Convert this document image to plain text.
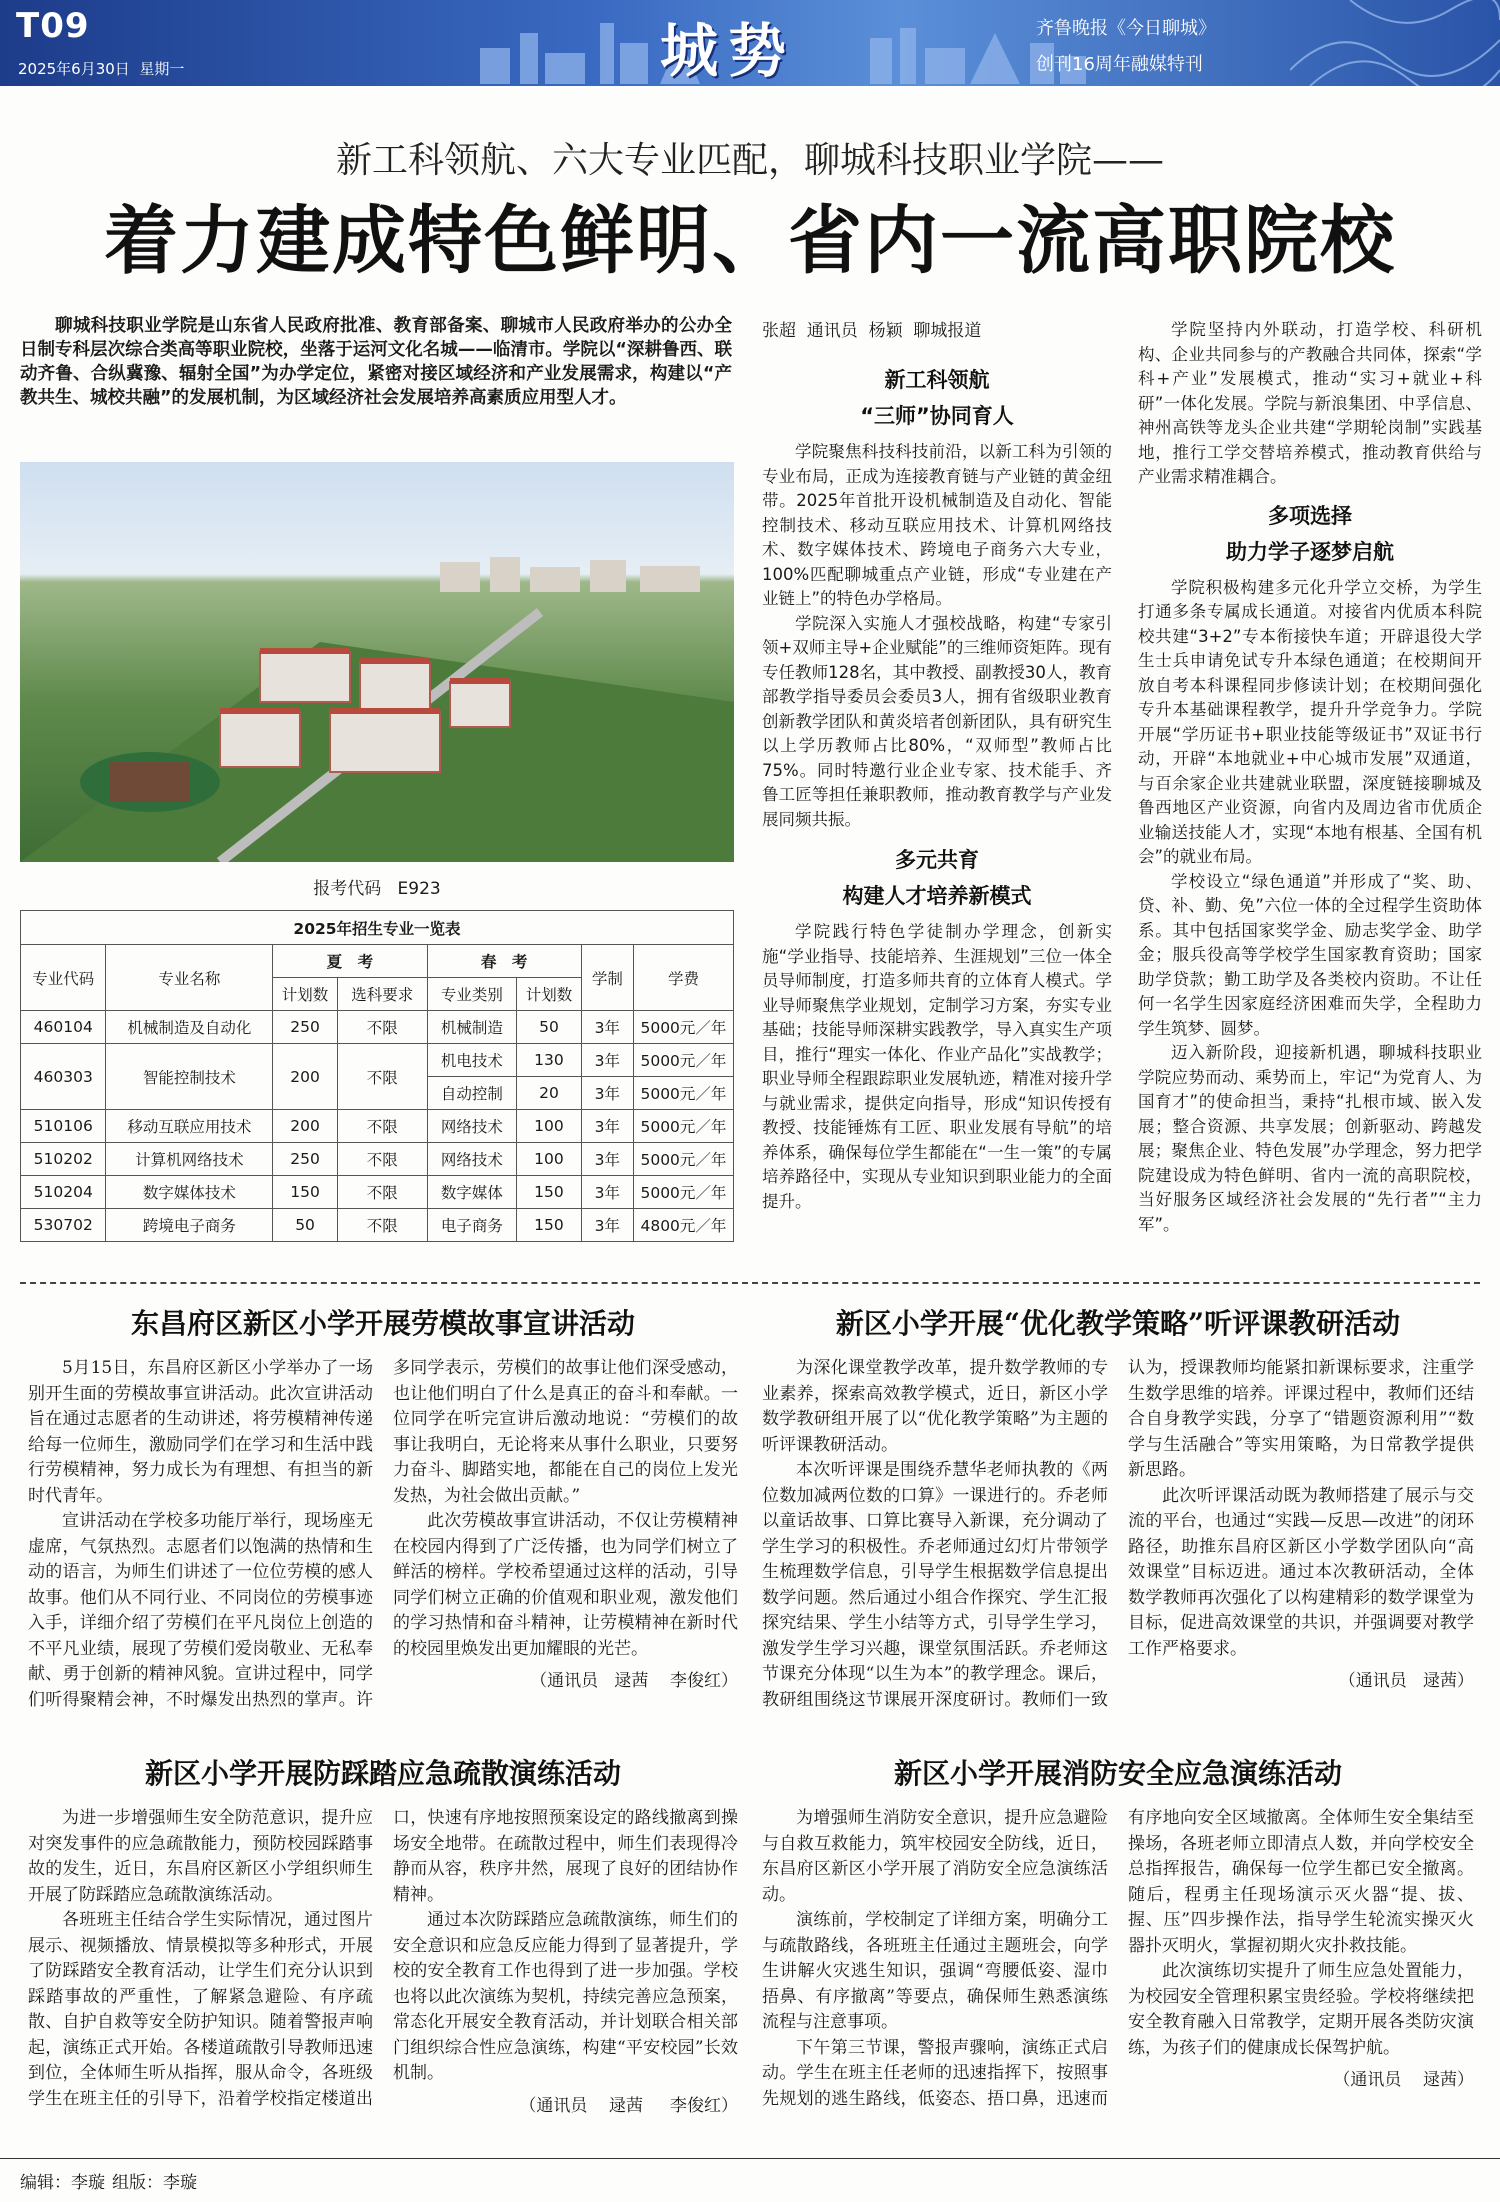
T09
2025年6月30日  星期一	城势	齐鲁晚报《今日聊城》
创刊16周年融媒特刊
新工科领航、六大专业匹配，聊城科技职业学院——
着力建成特色鲜明、省内一流高职院校
聊城科技职业学院是山东省人民政府批准、教育部备案、聊城市人民政府举办的公办全日制专科层次综合类高等职业院校，坐落于运河文化名城——临清市。学院以“深耕鲁西、联动齐鲁、合纵冀豫、辐射全国”为办学定位，紧密对接区域经济和产业发展需求，构建以“产教共生、城校共融”的发展机制，为区域经济社会发展培养高素质应用型人才。
报考代码   E923
2025年招生专业一览表							
专业代码	专业名称	夏　考		春　考		学制	学费
		计划数	选科要求	专业类别	计划数		
460104	机械制造及自动化	250	不限	机械制造	50	3年	5000元／年
460303	智能控制技术	200	不限	机电技术	130	3年	5000元／年
				自动控制	20	3年	5000元／年
510106	移动互联应用技术	200	不限	网络技术	100	3年	5000元／年
510202	计算机网络技术	250	不限	网络技术	100	3年	5000元／年
510204	数字媒体技术	150	不限	数字媒体	150	3年	5000元／年
530702	跨境电子商务	50	不限	电子商务	150	3年	4800元／年
张超  通讯员  杨颖  聊城报道
新工科领航
“三师”协同育人
学院聚焦科技科技前沿，以新工科为引领的专业布局，正成为连接教育链与产业链的黄金纽带。2025年首批开设机械制造及自动化、智能控制技术、移动互联应用技术、计算机网络技术、数字媒体技术、跨境电子商务六大专业，100%匹配聊城重点产业链，形成“专业建在产业链上”的特色办学格局。
学院深入实施人才强校战略，构建“专家引领+双师主导+企业赋能”的三维师资矩阵。现有专任教师128名，其中教授、副教授30人，教育部教学指导委员会委员3人，拥有省级职业教育创新教学团队和黄炎培者创新团队，具有研究生以上学历教师占比80%，“双师型”教师占比75%。同时特邀行业企业专家、技术能手、齐鲁工匠等担任兼职教师，推动教育教学与产业发展同频共振。
多元共育
构建人才培养新模式
学院践行特色学徒制办学理念，创新实施“学业指导、技能培养、生涯规划”三位一体全员导师制度，打造多师共育的立体育人模式。学业导师聚焦学业规划，定制学习方案，夯实专业基础；技能导师深耕实践教学，导入真实生产项目，推行“理实一体化、作业产品化”实战教学；职业导师全程跟踪职业发展轨迹，精准对接升学与就业需求，提供定向指导，形成“知识传授有教授、技能锤炼有工匠、职业发展有导航”的培养体系，确保每位学生都能在“一生一策”的专属培养路径中，实现从专业知识到职业能力的全面提升。
学院坚持内外联动，打造学校、科研机构、企业共同参与的产教融合共同体，探索“学科+产业”发展模式，推动“实习+就业+科研”一体化发展。学院与新浪集团、中孚信息、神州高铁等龙头企业共建“学期轮岗制”实践基地，推行工学交替培养模式，推动教育供给与产业需求精准耦合。
多项选择
助力学子逐梦启航
学院积极构建多元化升学立交桥，为学生打通多条专属成长通道。对接省内优质本科院校共建“3+2”专本衔接快车道；开辟退役大学生士兵申请免试专升本绿色通道；在校期间开放自考本科课程同步修读计划；在校期间强化专升本基础课程教学，提升升学竞争力。学院开展“学历证书+职业技能等级证书”双证书行动，开辟“本地就业+中心城市发展”双通道，与百余家企业共建就业联盟，深度链接聊城及鲁西地区产业资源，向省内及周边省市优质企业输送技能人才，实现“本地有根基、全国有机会”的就业布局。
学校设立“绿色通道”并形成了“奖、助、贷、补、勤、免”六位一体的全过程学生资助体系。其中包括国家奖学金、励志奖学金、助学金；服兵役高等学校学生国家教育资助；国家助学贷款；勤工助学及各类校内资助。不让任何一名学生因家庭经济困难而失学，全程助力学生筑梦、圆梦。
迈入新阶段，迎接新机遇，聊城科技职业学院应势而动、乘势而上，牢记“为党育人、为国育才”的使命担当，秉持“扎根市域、嵌入发展；整合资源、共享发展；创新驱动、跨越发展；聚焦企业、特色发展”办学理念，努力把学院建设成为特色鲜明、省内一流的高职院校，当好服务区域经济社会发展的“先行者”“主力军”。
东昌府区新区小学开展劳模故事宣讲活动
5月15日，东昌府区新区小学举办了一场别开生面的劳模故事宣讲活动。此次宣讲活动旨在通过志愿者的生动讲述，将劳模精神传递给每一位师生，激励同学们在学习和生活中践行劳模精神，努力成长为有理想、有担当的新时代青年。
宣讲活动在学校多功能厅举行，现场座无虚席，气氛热烈。志愿者们以饱满的热情和生动的语言，为师生们讲述了一位位劳模的感人故事。他们从不同行业、不同岗位的劳模事迹入手，详细介绍了劳模们在平凡岗位上创造的不平凡业绩，展现了劳模们爱岗敬业、无私奉献、勇于创新的精神风貌。宣讲过程中，同学们听得聚精会神，不时爆发出热烈的掌声。许多同学表示，劳模们的故事让他们深受感动，也让他们明白了什么是真正的奋斗和奉献。一位同学在听完宣讲后激动地说：“劳模们的故事让我明白，无论将来从事什么职业，只要努力奋斗、脚踏实地，都能在自己的岗位上发光发热，为社会做出贡献。”
此次劳模故事宣讲活动，不仅让劳模精神在校园内得到了广泛传播，也为同学们树立了鲜活的榜样。学校希望通过这样的活动，引导同学们树立正确的价值观和职业观，激发他们的学习热情和奋斗精神，让劳模精神在新时代的校园里焕发出更加耀眼的光芒。
（通讯员   逯茜    李俊红）
新区小学开展“优化教学策略”听评课教研活动
为深化课堂教学改革，提升数学教师的专业素养，探索高效教学模式，近日，新区小学数学教研组开展了以“优化教学策略”为主题的听评课教研活动。
本次听评课是围绕乔慧华老师执教的《两位数加减两位数的口算》一课进行的。乔老师以童话故事、口算比赛导入新课，充分调动了学生学习的积极性。乔老师通过幻灯片带领学生梳理数学信息，引导学生根据数学信息提出数学问题。然后通过小组合作探究、学生汇报探究结果、学生小结等方式，引导学生学习，激发学生学习兴趣，课堂氛围活跃。乔老师这节课充分体现“以生为本”的教学理念。课后，教研组围绕这节课展开深度研讨。教师们一致认为，授课教师均能紧扣新课标要求，注重学生数学思维的培养。评课过程中，教师们还结合自身教学实践，分享了“错题资源利用”“数学与生活融合”等实用策略，为日常教学提供新思路。
此次听评课活动既为教师搭建了展示与交流的平台，也通过“实践—反思—改进”的闭环路径，助推东昌府区新区小学数学团队向“高效课堂”目标迈进。通过本次教研活动，全体数学教师再次强化了以构建精彩的数学课堂为目标，促进高效课堂的共识，并强调要对教学工作严格要求。
（通讯员   逯茜）
新区小学开展防踩踏应急疏散演练活动
为进一步增强师生安全防范意识，提升应对突发事件的应急疏散能力，预防校园踩踏事故的发生，近日，东昌府区新区小学组织师生开展了防踩踏应急疏散演练活动。
各班班主任结合学生实际情况，通过图片展示、视频播放、情景模拟等多种形式，开展了防踩踏安全教育活动，让学生们充分认识到踩踏事故的严重性，了解紧急避险、有序疏散、自护自救等安全防护知识。随着警报声响起，演练正式开始。各楼道疏散引导教师迅速到位，全体师生听从指挥，服从命令，各班级学生在班主任的引导下，沿着学校指定楼道出口，快速有序地按照预案设定的路线撤离到操场安全地带。在疏散过程中，师生们表现得冷静而从容，秩序井然，展现了良好的团结协作精神。
通过本次防踩踏应急疏散演练，师生们的安全意识和应急反应能力得到了显著提升，学校的安全教育工作也得到了进一步加强。学校也将以此次演练为契机，持续完善应急预案，常态化开展安全教育活动，并计划联合相关部门组织综合性应急演练，构建“平安校园”长效机制。
（通讯员    逯茜     李俊红）
新区小学开展消防安全应急演练活动
为增强师生消防安全意识，提升应急避险与自救互救能力，筑牢校园安全防线，近日，东昌府区新区小学开展了消防安全应急演练活动。
演练前，学校制定了详细方案，明确分工与疏散路线，各班班主任通过主题班会，向学生讲解火灾逃生知识，强调“弯腰低姿、湿巾捂鼻、有序撤离”等要点，确保师生熟悉演练流程与注意事项。
下午第三节课，警报声骤响，演练正式启动。学生在班主任老师的迅速指挥下，按照事先规划的逃生路线，低姿态、捂口鼻，迅速而有序地向安全区域撤离。全体师生安全集结至操场，各班老师立即清点人数，并向学校安全总指挥报告，确保每一位学生都已安全撤离。随后，程勇主任现场演示灭火器“提、拔、握、压”四步操作法，指导学生轮流实操灭火器扑灭明火，掌握初期火灾扑救技能。
此次演练切实提升了师生应急处置能力，为校园安全管理积累宝贵经验。学校将继续把安全教育融入日常教学，定期开展各类防灾演练，为孩子们的健康成长保驾护航。
（通讯员    逯茜）
编辑：李璇 组版：李璇
